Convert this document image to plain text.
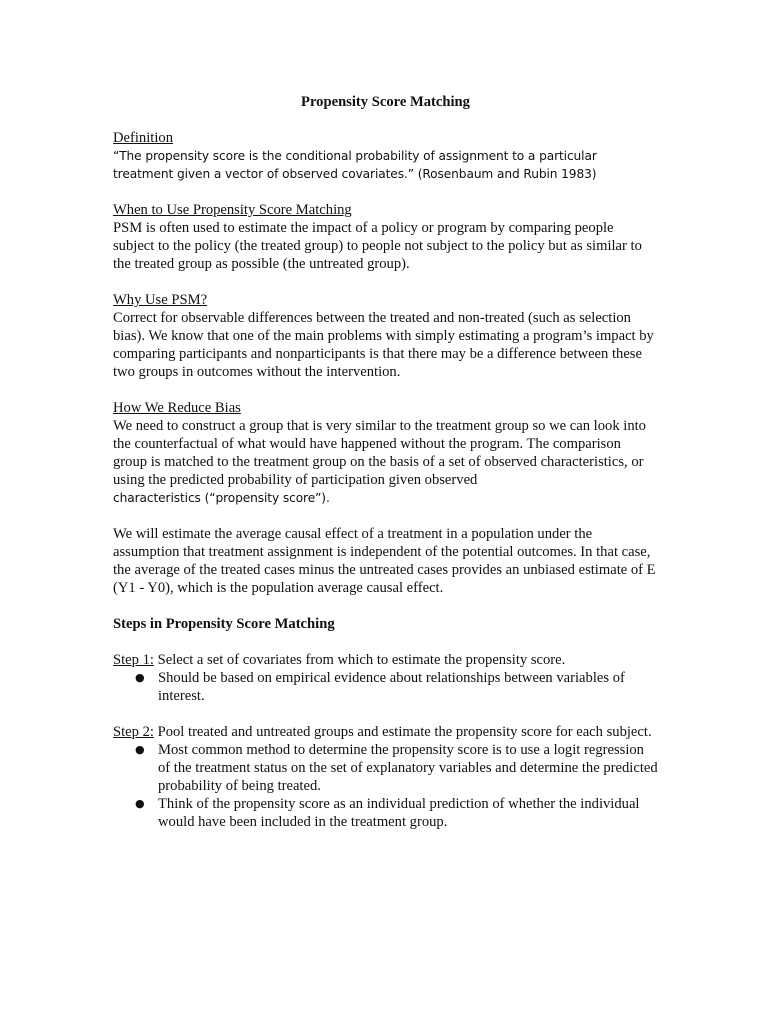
Propensity Score Matching
Definition

“The propensity score is the conditional probability of assignment to a particular

treatment given a vector of observed covariates.” (Rosenbaum and Rubin 1983)

When to Use Propensity Score Matching

PSM is often used to estimate the impact of a policy or program by comparing people subject to the policy (the treated group) to people not subject to the policy but as similar to the treated group as possible (the untreated group).

Why Use PSM?

Correct for observable differences between the treated and non-treated (such as selection bias). We know that one of the main problems with simply estimating a program’s impact by comparing participants and nonparticipants is that there may be a difference between these two groups in outcomes without the intervention.

How We Reduce Bias

We need to construct a group that is very similar to the treatment group so we can look into the counterfactual of what would have happened without the program. The comparison group is matched to the treatment group on the basis of a set of observed characteristics, or using the predicted probability of participation given observed

characteristics (“propensity score”).

We will estimate the average causal effect of a treatment in a population under the assumption that treatment assignment is independent of the potential outcomes. In that case, the average of the treated cases minus the untreated cases provides an unbiased estimate of E (Y1 - Y0), which is the population average causal effect.

Steps in Propensity Score Matching

Step 1: Select a set of covariates from which to estimate the propensity score.

● Should be based on empirical evidence about relationships between variables of interest.

Step 2: Pool treated and untreated groups and estimate the propensity score for each subject.

● Most common method to determine the propensity score is to use a logit regression of the treatment status on the set of explanatory variables and determine the predicted probability of being treated.
● Think of the propensity score as an individual prediction of whether the individual would have been included in the treatment group.
